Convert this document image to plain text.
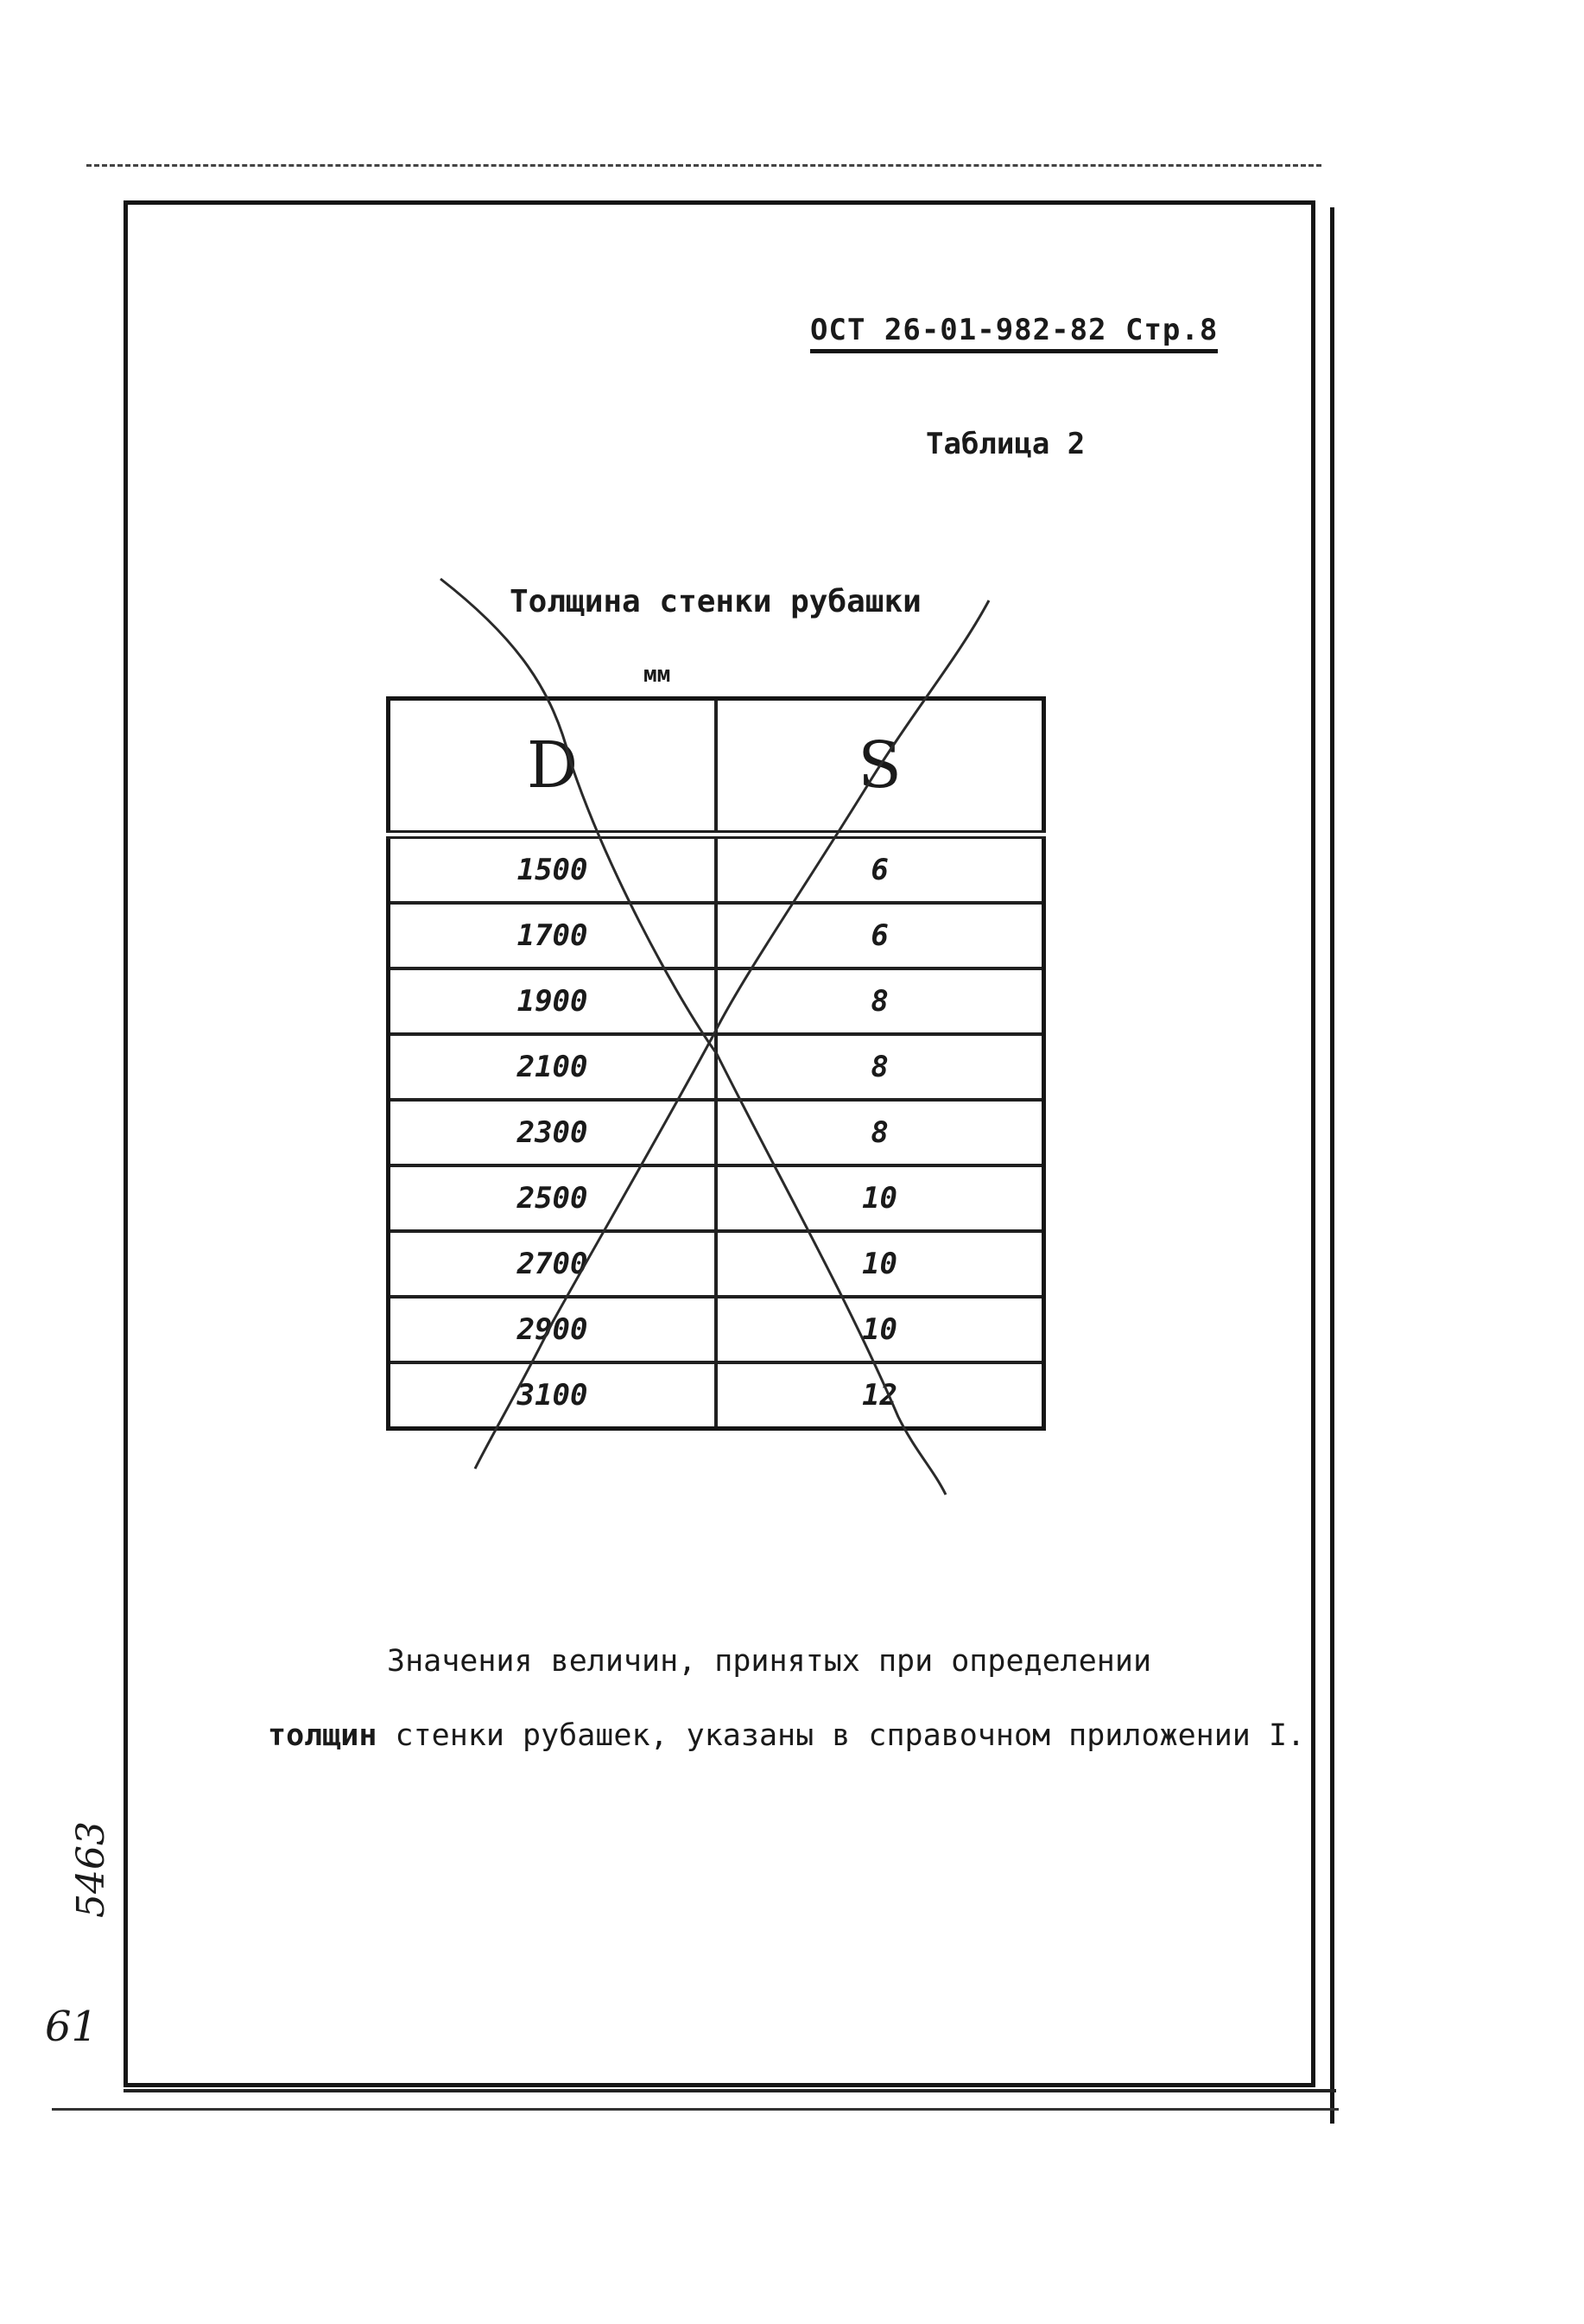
ОСТ 26-01-982-82 Стр.8
Таблица 2
Толщина стенки рубашки
мм
D	S
1500	6
1700	6
1900	8
2100	8
2300	8
2500	10
2700	10
2900	10
3100	12
Значения величин, принятых при определении
толщин стенки рубашек, указаны в справочном приложении I.
5463
61
